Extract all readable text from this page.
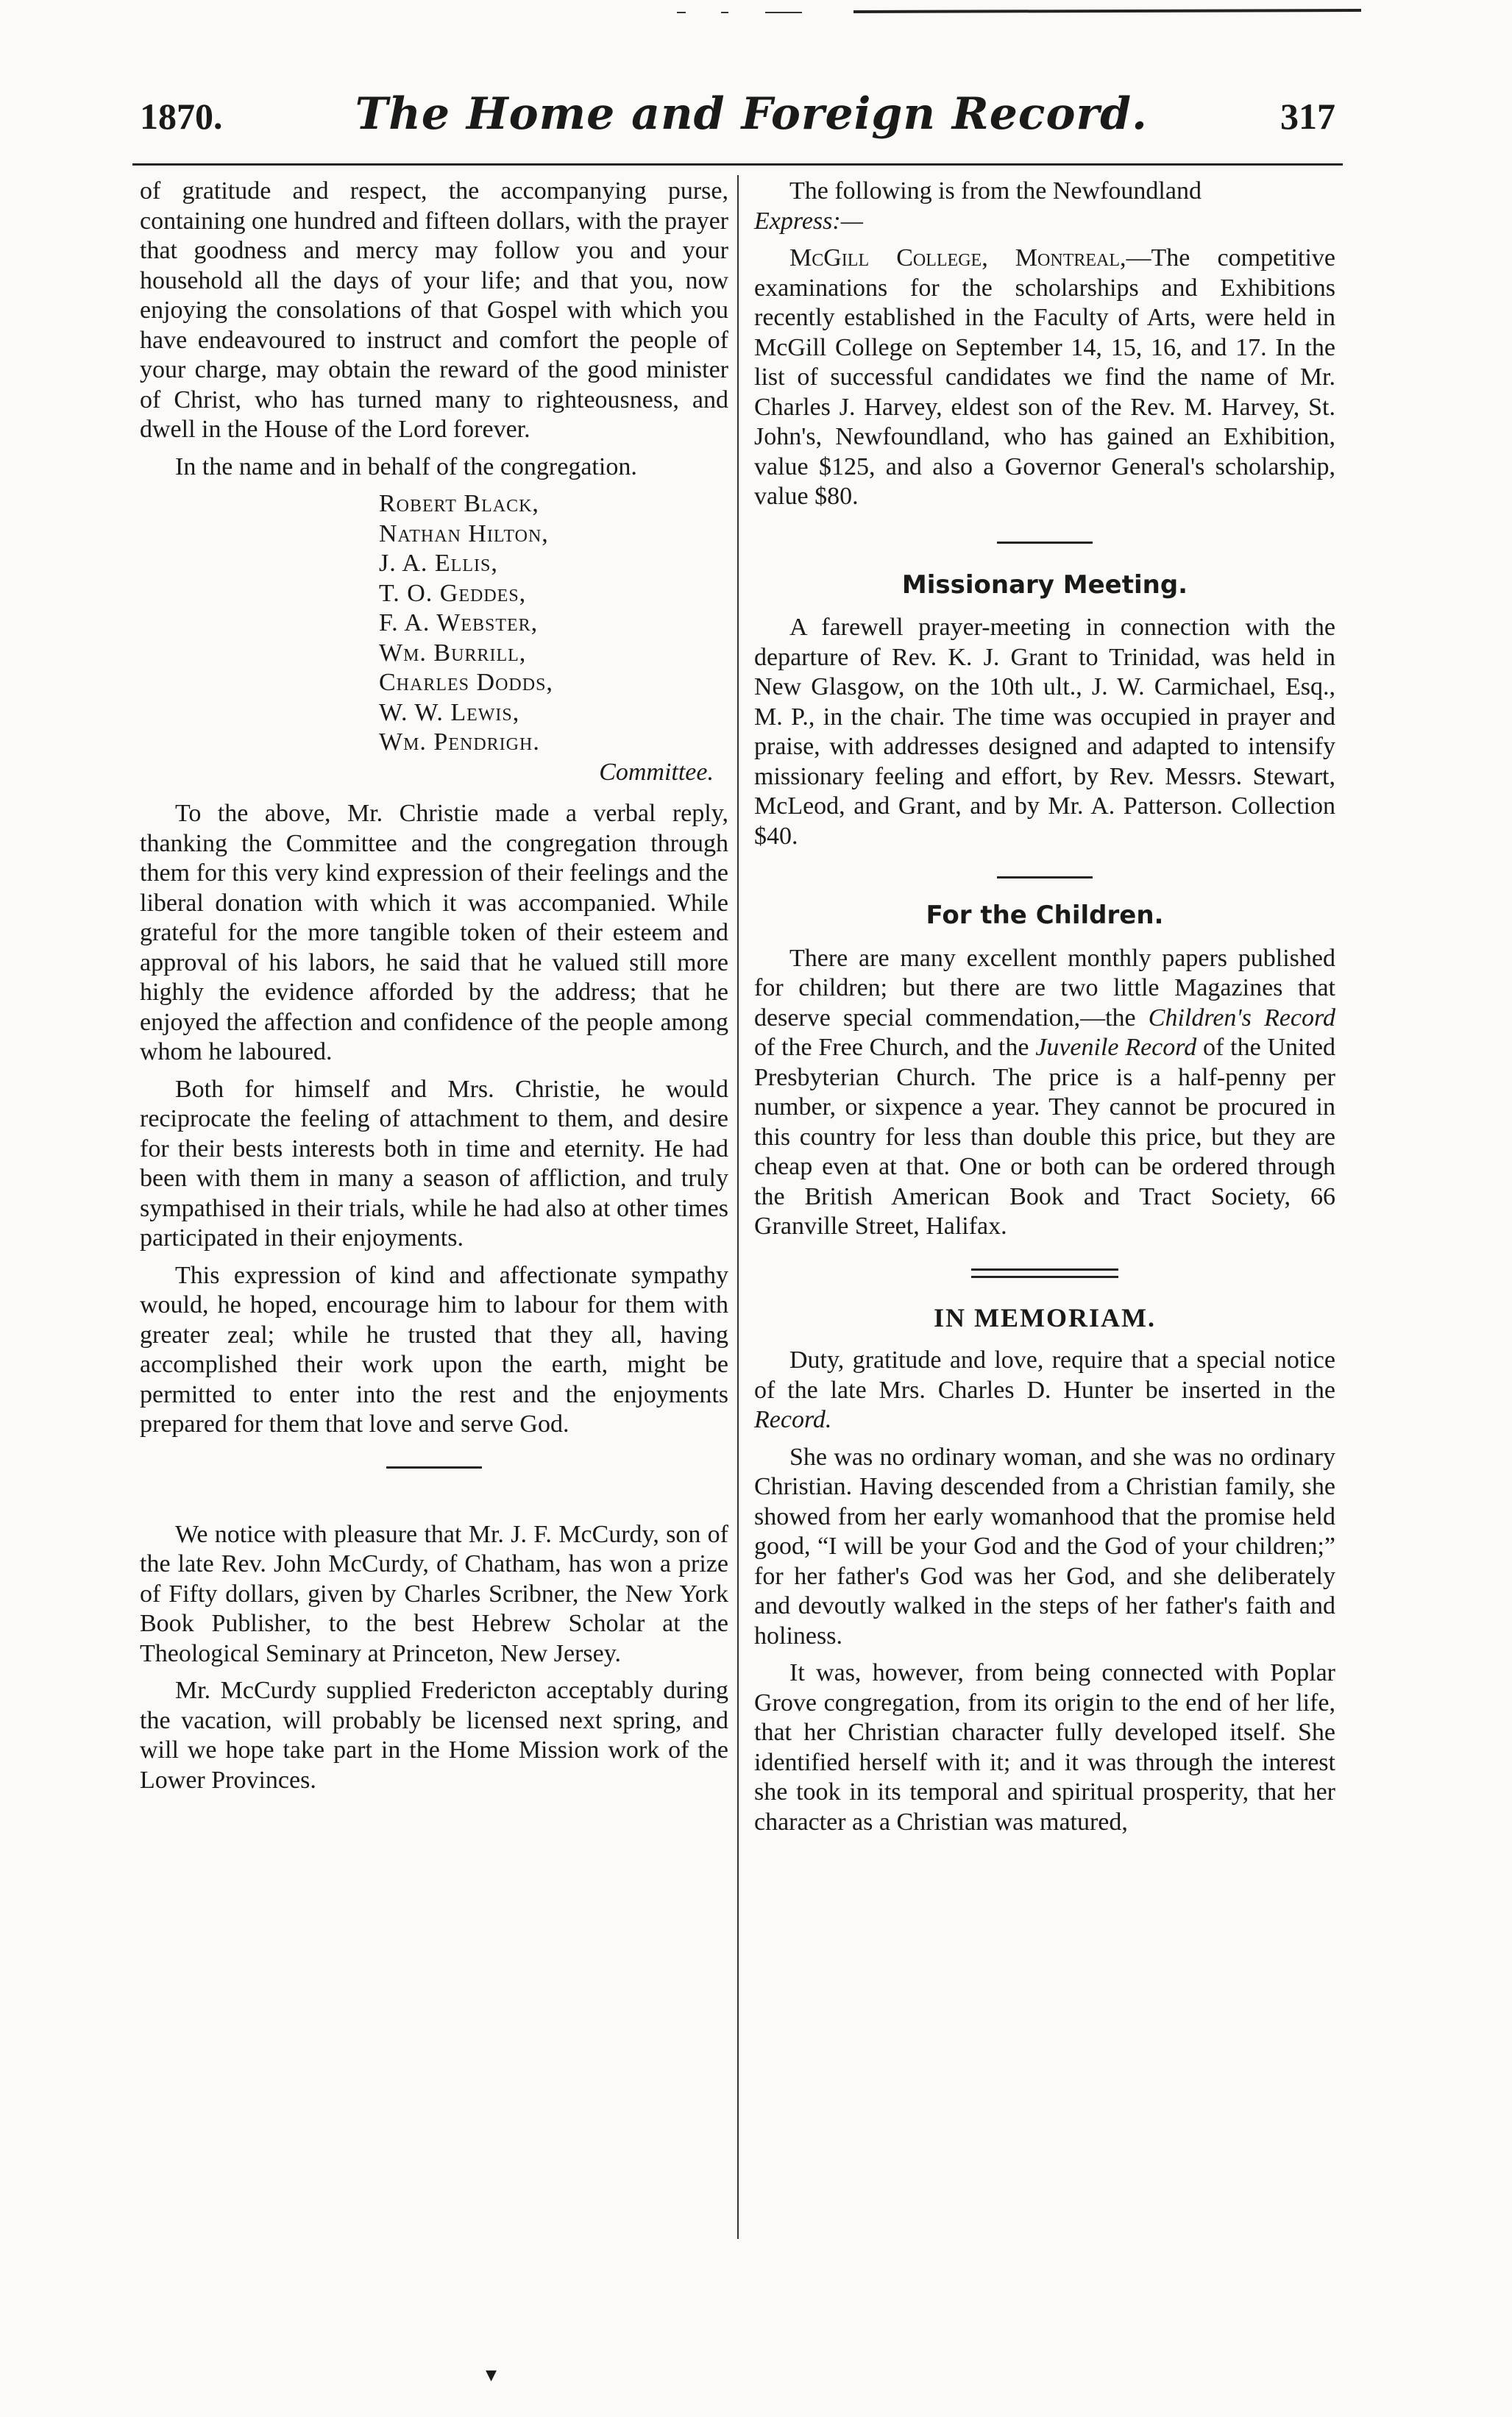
1870.	The Home and Foreign Record.	317

of gratitude and respect, the accompanying purse, containing one hundred and fifteen dollars, with the prayer that goodness and mercy may follow you and your household all the days of your life; and that you, now enjoying the consolations of that Gospel with which you have endeavoured to instruct and comfort the people of your charge, may obtain the reward of the good minister of Christ, who has turned many to righteousness, and dwell in the House of the Lord forever.

In the name and in behalf of the congregation.

Robert Black,
Nathan Hilton,
J. A. Ellis,
T. O. Geddes,
F. A. Webster,
Wm. Burrill,
Charles Dodds,
W. W. Lewis,
Wm. Pendrigh.
Committee.

To the above, Mr. Christie made a verbal reply, thanking the Committee and the congregation through them for this very kind expression of their feelings and the liberal donation with which it was accompanied. While grateful for the more tangible token of their esteem and approval of his labors, he said that he valued still more highly the evidence afforded by the address; that he enjoyed the affection and confidence of the people among whom he laboured.

Both for himself and Mrs. Christie, he would reciprocate the feeling of attachment to them, and desire for their bests interests both in time and eternity. He had been with them in many a season of affliction, and truly sympathised in their trials, while he had also at other times participated in their enjoyments.

This expression of kind and affectionate sympathy would, he hoped, encourage him to labour for them with greater zeal; while he trusted that they all, having accomplished their work upon the earth, might be permitted to enter into the rest and the enjoyments prepared for them that love and serve God.

We notice with pleasure that Mr. J. F. McCurdy, son of the late Rev. John McCurdy, of Chatham, has won a prize of Fifty dollars, given by Charles Scribner, the New York Book Publisher, to the best Hebrew Scholar at the Theological Seminary at Princeton, New Jersey.

Mr. McCurdy supplied Fredericton acceptably during the vacation, will probably be licensed next spring, and will we hope take part in the Home Mission work of the Lower Provinces.

The following is from the Newfoundland
Express:—

McGill College, Montreal,—The competitive examinations for the scholarships and Exhibitions recently established in the Faculty of Arts, were held in McGill College on September 14, 15, 16, and 17. In the list of successful candidates we find the name of Mr. Charles J. Harvey, eldest son of the Rev. M. Harvey, St. John's, Newfoundland, who has gained an Exhibition, value $125, and also a Governor General's scholarship, value $80.

Missionary Meeting.

A farewell prayer-meeting in connection with the departure of Rev. K. J. Grant to Trinidad, was held in New Glasgow, on the 10th ult., J. W. Carmichael, Esq., M. P., in the chair. The time was occupied in prayer and praise, with addresses designed and adapted to intensify missionary feeling and effort, by Rev. Messrs. Stewart, McLeod, and Grant, and by Mr. A. Patterson. Collection $40.

For the Children.

There are many excellent monthly papers published for children; but there are two little Magazines that deserve special commendation,—the Children's Record of the Free Church, and the Juvenile Record of the United Presbyterian Church. The price is a half-penny per number, or sixpence a year. They cannot be procured in this country for less than double this price, but they are cheap even at that. One or both can be ordered through the British American Book and Tract Society, 66 Granville Street, Halifax.

IN MEMORIAM.

Duty, gratitude and love, require that a special notice of the late Mrs. Charles D. Hunter be inserted in the Record.

She was no ordinary woman, and she was no ordinary Christian. Having descended from a Christian family, she showed from her early womanhood that the promise held good, “I will be your God and the God of your children;” for her father's God was her God, and she deliberately and devoutly walked in the steps of her father's faith and holiness.

It was, however, from being connected with Poplar Grove congregation, from its origin to the end of her life, that her Christian character fully developed itself. She identified herself with it; and it was through the interest she took in its temporal and spiritual prosperity, that her character as a Christian was matured,

▾
